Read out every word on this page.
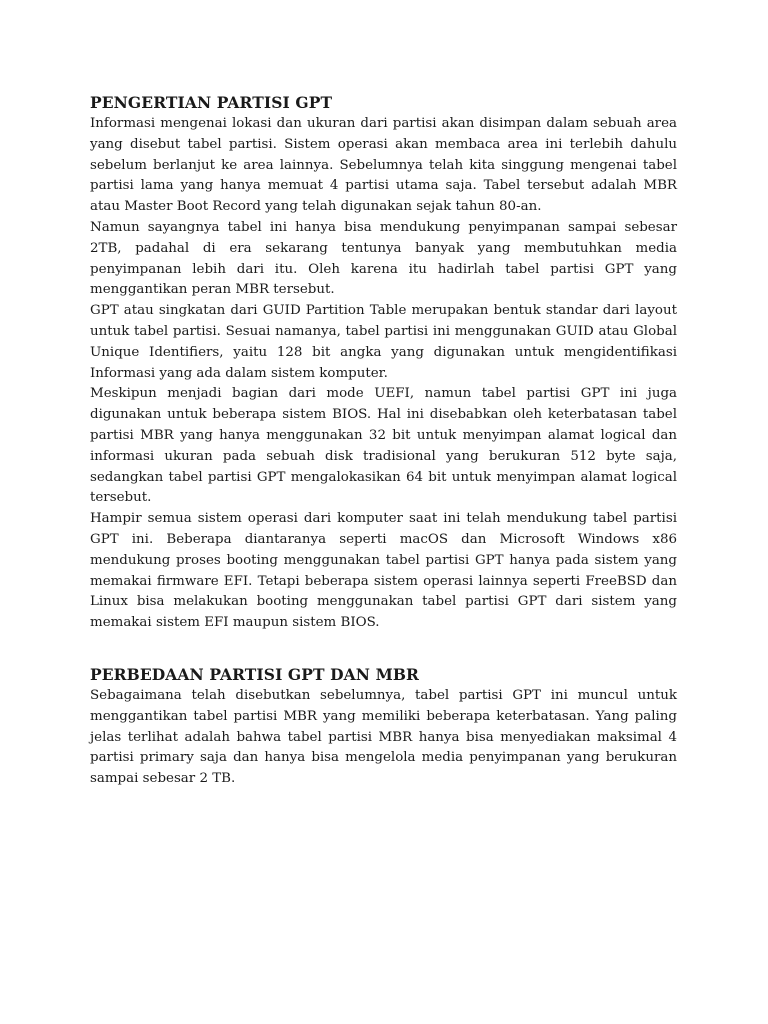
PENGERTIAN PARTISI GPT

Informasi mengenai lokasi dan ukuran dari partisi akan disimpan dalam sebuah area yang disebut tabel partisi. Sistem operasi akan membaca area ini terlebih dahulu sebelum berlanjut ke area lainnya. Sebelumnya telah kita singgung mengenai tabel partisi lama yang hanya memuat 4 partisi utama saja. Tabel tersebut adalah MBR atau Master Boot Record yang telah digunakan sejak tahun 80-an.

Namun sayangnya tabel ini hanya bisa mendukung penyimpanan sampai sebesar 2TB, padahal di era sekarang tentunya banyak yang membutuhkan media penyimpanan lebih dari itu. Oleh karena itu hadirlah tabel partisi GPT yang menggantikan peran MBR tersebut.

GPT atau singkatan dari GUID Partition Table merupakan bentuk standar dari layout untuk tabel partisi. Sesuai namanya, tabel partisi ini menggunakan GUID atau Global Unique Identifiers, yaitu 128 bit angka yang digunakan untuk mengidentifikasi Informasi yang ada dalam sistem komputer.

Meskipun menjadi bagian dari mode UEFI, namun tabel partisi GPT ini juga digunakan untuk beberapa sistem BIOS. Hal ini disebabkan oleh keterbatasan tabel partisi MBR yang hanya menggunakan 32 bit untuk menyimpan alamat logical dan informasi ukuran pada sebuah disk tradisional yang berukuran 512 byte saja, sedangkan tabel partisi GPT mengalokasikan 64 bit untuk menyimpan alamat logical tersebut.

Hampir semua sistem operasi dari komputer saat ini telah mendukung tabel partisi GPT ini. Beberapa diantaranya seperti macOS dan Microsoft Windows x86 mendukung proses booting menggunakan tabel partisi GPT hanya pada sistem yang memakai firmware EFI. Tetapi beberapa sistem operasi lainnya seperti FreeBSD dan Linux bisa melakukan booting menggunakan tabel partisi GPT dari sistem yang memakai sistem EFI maupun sistem BIOS.

PERBEDAAN PARTISI GPT DAN MBR

Sebagaimana telah disebutkan sebelumnya, tabel partisi GPT ini muncul untuk menggantikan tabel partisi MBR yang memiliki beberapa keterbatasan. Yang paling jelas terlihat adalah bahwa tabel partisi MBR hanya bisa menyediakan maksimal 4 partisi primary saja dan hanya bisa mengelola media penyimpanan yang berukuran sampai sebesar 2 TB.
